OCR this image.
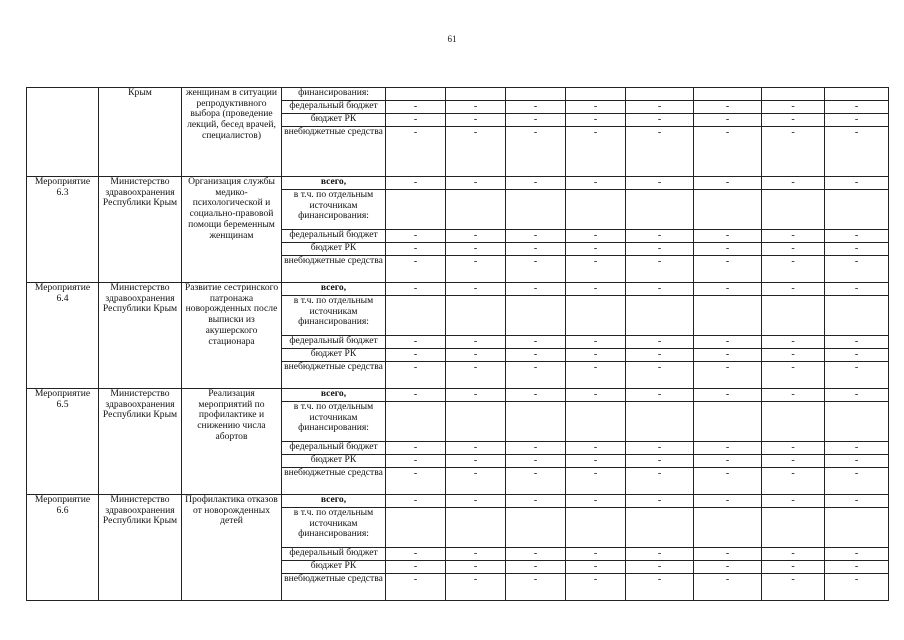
61
	Крым	женщинам в ситуации репродуктивного выбора (проведение лекций, бесед врачей, специалистов)	финансирования:								
			федеральный бюджет	-	-	-	-	-	-	-	-
			бюджет РК	-	-	-	-	-	-	-	-
			внебюджетные средства	-	-	-	-	-	-	-	-
Мероприятие 6.3	Министерство здравоохранения Республики Крым	Организация службы медико-психологической и социально-правовой помощи беременным женщинам	всего,	-	-	-	-	-	-	-	-
			в т.ч. по отдельным источникам финансирования:								
			федеральный бюджет	-	-	-	-	-	-	-	-
			бюджет РК	-	-	-	-	-	-	-	-
			внебюджетные средства	-	-	-	-	-	-	-	-
Мероприятие 6.4	Министерство здравоохранения Республики Крым	Развитие сестринского патронажа новорожденных после выписки из акушерского стационара	всего,	-	-	-	-	-	-	-	-
			в т.ч. по отдельным источникам финансирования:								
			федеральный бюджет	-	-	-	-	-	-	-	-
			бюджет РК	-	-	-	-	-	-	-	-
			внебюджетные средства	-	-	-	-	-	-	-	-
Мероприятие 6.5	Министерство здравоохранения Республики Крым	Реализация мероприятий по профилактике и снижению числа абортов	всего,	-	-	-	-	-	-	-	-
			в т.ч. по отдельным источникам финансирования:								
			федеральный бюджет	-	-	-	-	-	-	-	-
			бюджет РК	-	-	-	-	-	-	-	-
			внебюджетные средства	-	-	-	-	-	-	-	-
Мероприятие 6.6	Министерство здравоохранения Республики Крым	Профилактика отказов от новорожденных детей	всего,	-	-	-	-	-	-	-	-
			в т.ч. по отдельным источникам финансирования:								
			федеральный бюджет	-	-	-	-	-	-	-	-
			бюджет РК	-	-	-	-	-	-	-	-
			внебюджетные средства	-	-	-	-	-	-	-	-
